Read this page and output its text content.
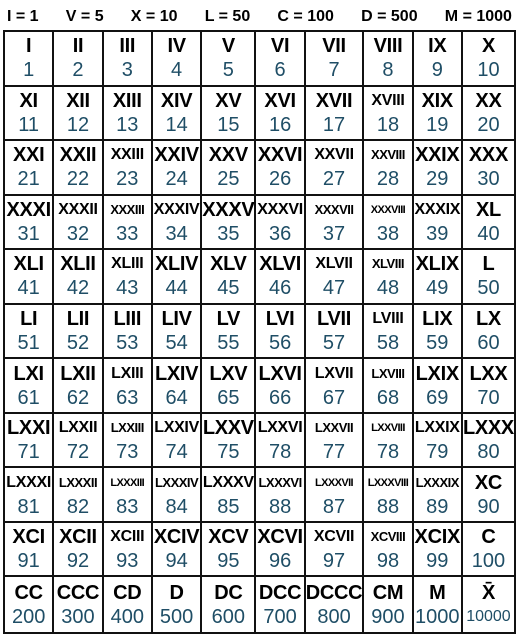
I = 1 V = 5 X = 10 L = 50 C = 100 D = 500 M = 1000
I
1
II
2
III
3
IV
4
V
5
VI
6
VII
7
VIII
8
IX
9
X
10
XI
11
XII
12
XIII
13
XIV
14
XV
15
XVI
16
XVII
17
XVIII
18
XIX
19
XX
20
XXI
21
XXII
22
XXIII
23
XXIV
24
XXV
25
XXVI
26
XXVII
27
XXVIII
28
XXIX
29
XXX
30
XXXI
31
XXXII
32
XXXIII
33
XXXIV
34
XXXV
35
XXXVI
36
XXXVII
37
XXXVIII
38
XXXIX
39
XL
40
XLI
41
XLII
42
XLIII
43
XLIV
44
XLV
45
XLVI
46
XLVII
47
XLVIII
48
XLIX
49
L
50
LI
51
LII
52
LIII
53
LIV
54
LV
55
LVI
56
LVII
57
LVIII
58
LIX
59
LX
60
LXI
61
LXII
62
LXIII
63
LXIV
64
LXV
65
LXVI
66
LXVII
67
LXVIII
68
LXIX
69
LXX
70
LXXI
71
LXXII
72
LXXIII
73
LXXIV
74
LXXV
75
LXXVI
78
LXXVII
77
LXXVIII
78
LXXIX
79
LXXX
80
LXXXI
81
LXXXII
82
LXXXIII
83
LXXXIV
84
LXXXV
85
LXXXVI
88
LXXXVII
87
LXXXVIII
88
LXXXIX
89
XC
90
XCI
91
XCII
92
XCIII
93
XCIV
94
XCV
95
XCVI
96
XCVII
97
XCVIII
98
XCIX
99
C
100
CC
200
CCC
300
CD
400
D
500
DC
600
DCC
700
DCCC
800
CM
900
M
1000
X̄
10000
